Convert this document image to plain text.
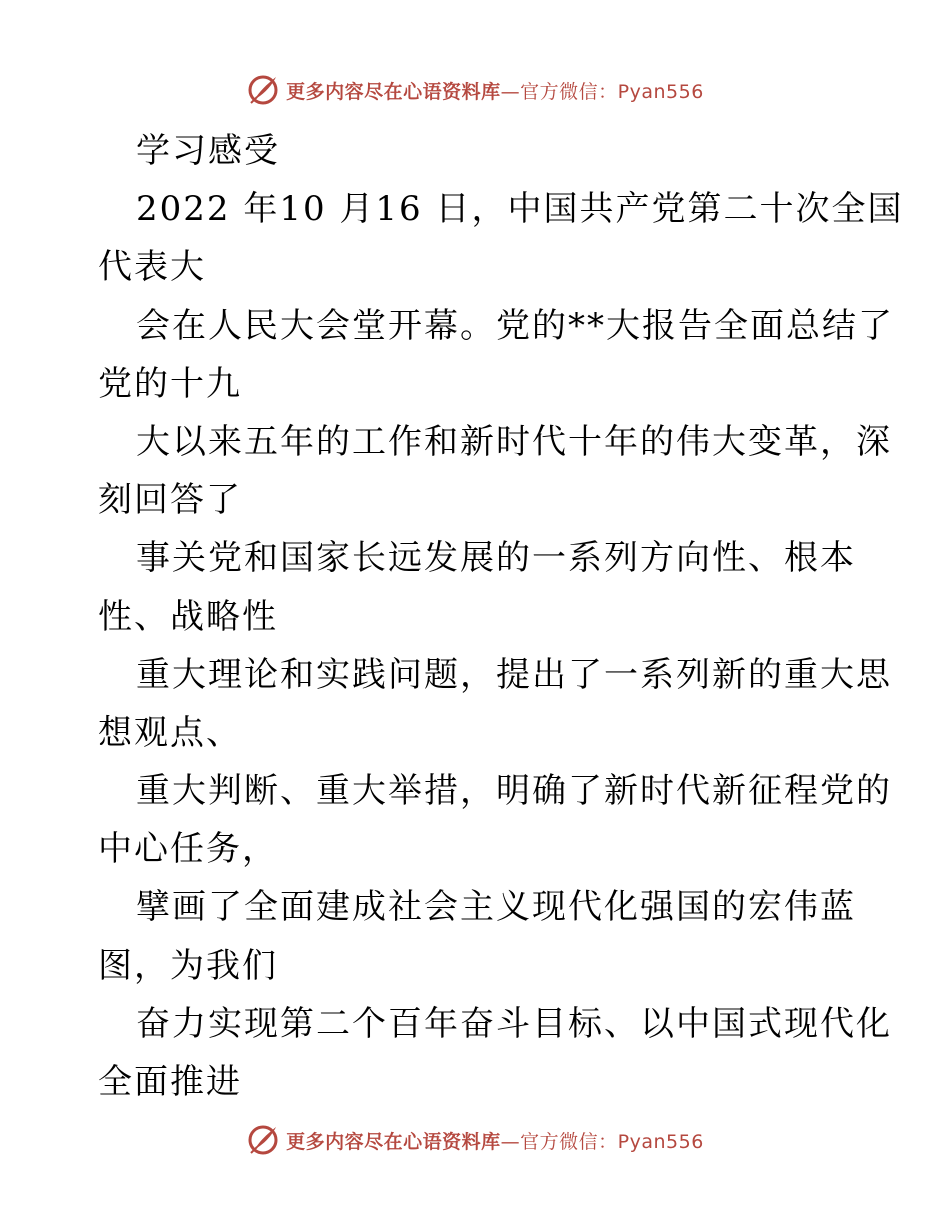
更多内容尽在心语资料库—官方微信：Pyan556
学习感受
2022 年10 月16 日，中国共产党第二十次全国
代表大
会在人民大会堂开幕。党的**大报告全面总结了
党的十九
大以来五年的工作和新时代十年的伟大变革，深
刻回答了
事关党和国家长远发展的一系列方向性、根本
性、战略性
重大理论和实践问题，提出了一系列新的重大思
想观点、
重大判断、重大举措，明确了新时代新征程党的
中心任务，
擘画了全面建成社会主义现代化强国的宏伟蓝
图，为我们
奋力实现第二个百年奋斗目标、以中国式现代化
全面推进
更多内容尽在心语资料库—官方微信：Pyan556
